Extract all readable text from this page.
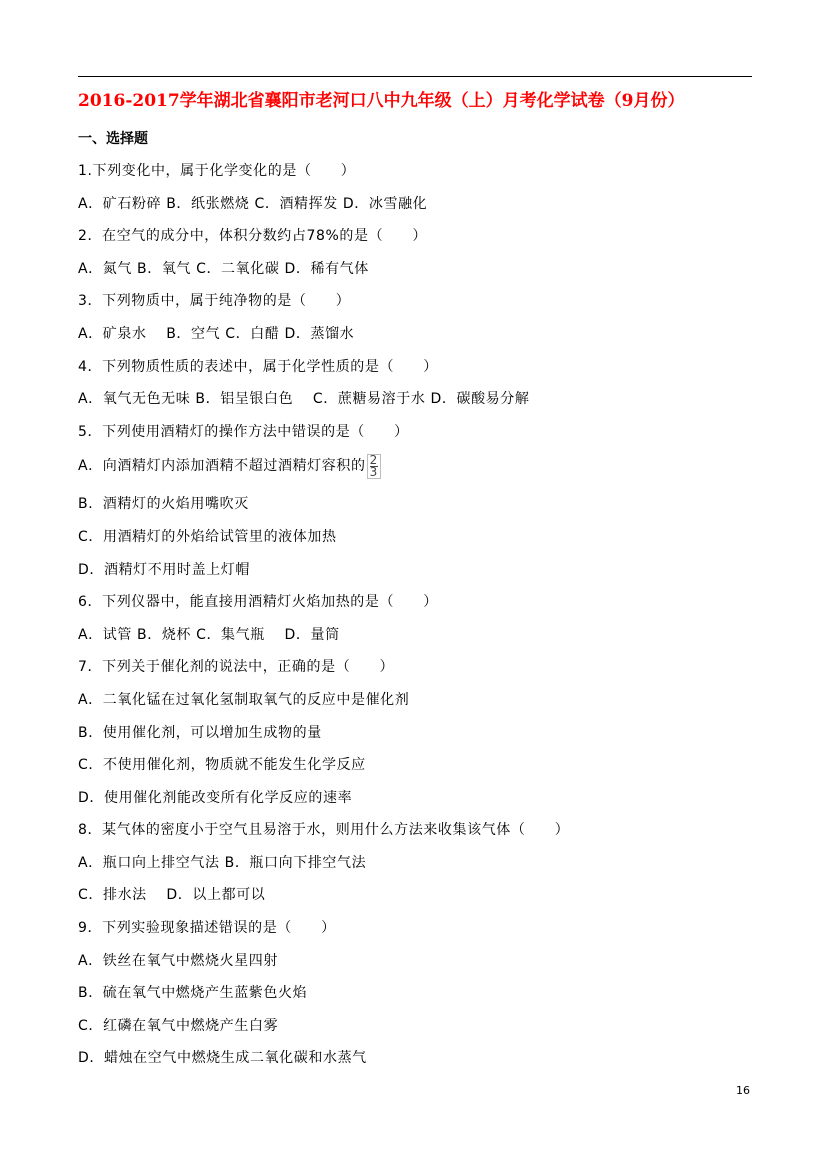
2016-2017学年湖北省襄阳市老河口八中九年级（上）月考化学试卷（9月份）
一、选择题
1.下列变化中，属于化学变化的是（　　）
A．矿石粉碎 B．纸张燃烧 C．酒精挥发 D．冰雪融化
2．在空气的成分中，体积分数约占78%的是（　　）
A．氮气 B．氧气 C．二氧化碳 D．稀有气体
3．下列物质中，属于纯净物的是（　　）
A．矿泉水　 B．空气 C．白醋 D．蒸馏水
4．下列物质性质的表述中，属于化学性质的是（　　）
A．氧气无色无味 B．铝呈银白色　 C．蔗糖易溶于水 D．碳酸易分解
5．下列使用酒精灯的操作方法中错误的是（　　）
A．向酒精灯内添加酒精不超过酒精灯容积的 $\frac{2}{3}$
B．酒精灯的火焰用嘴吹灭
C．用酒精灯的外焰给试管里的液体加热
D．酒精灯不用时盖上灯帽
6．下列仪器中，能直接用酒精灯火焰加热的是（　　）
A．试管 B．烧杯 C．集气瓶　 D．量筒
7．下列关于催化剂的说法中，正确的是（　　）
A．二氧化锰在过氧化氢制取氧气的反应中是催化剂
B．使用催化剂，可以增加生成物的量
C．不使用催化剂，物质就不能发生化学反应
D．使用催化剂能改变所有化学反应的速率
8．某气体的密度小于空气且易溶于水，则用什么方法来收集该气体（　　）
A．瓶口向上排空气法 B．瓶口向下排空气法
C．排水法　 D．以上都可以
9．下列实验现象描述错误的是（　　）
A．铁丝在氧气中燃烧火星四射
B．硫在氧气中燃烧产生蓝紫色火焰
C．红磷在氧气中燃烧产生白雾
D．蜡烛在空气中燃烧生成二氧化碳和水蒸气
16
